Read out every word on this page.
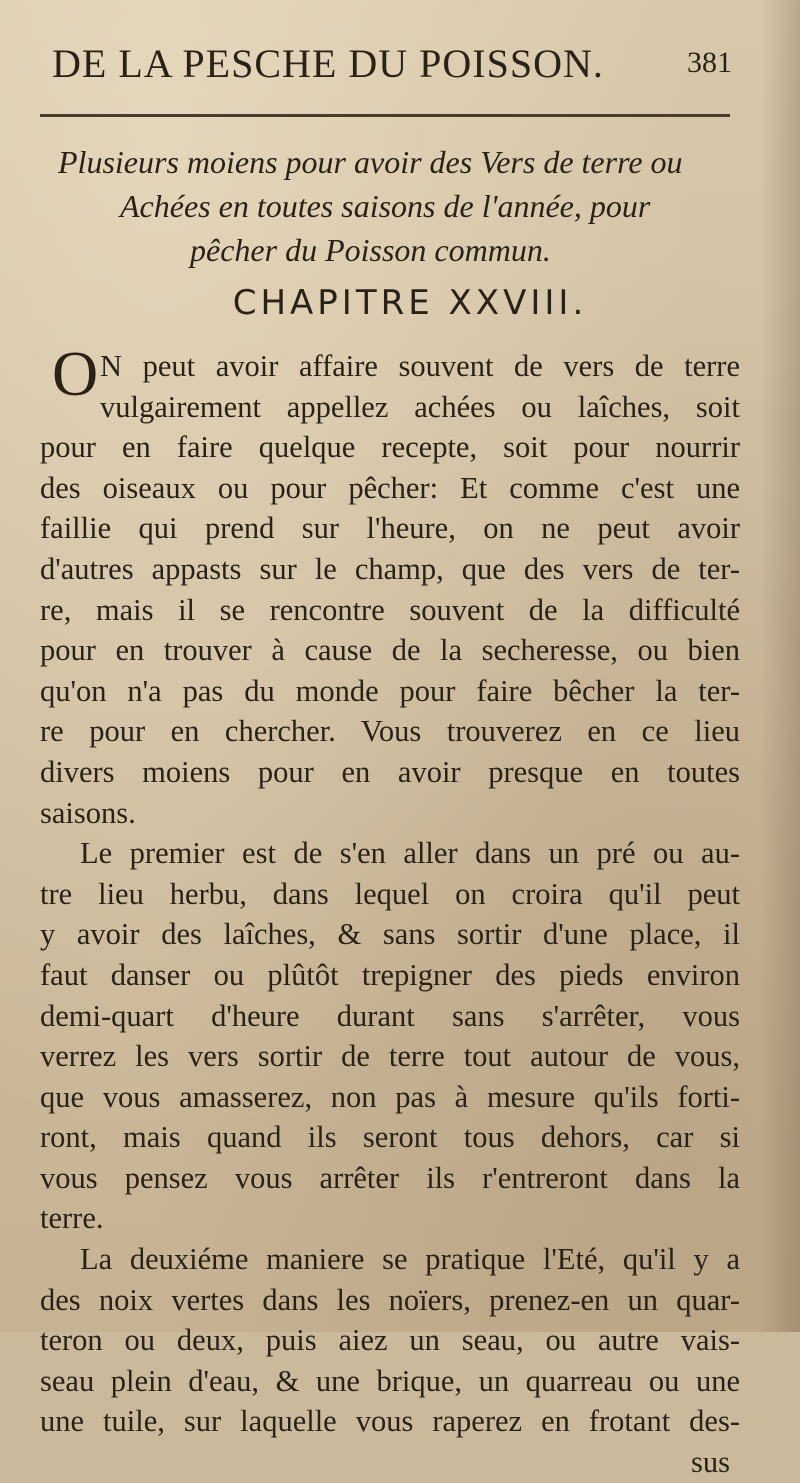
DE LA PESCHE DU POISSON.	381
Plusieurs moiens pour avoir des Vers de terre ou
Achées en toutes saisons de l'année, pour
pêcher du Poisson commun.
CHAPITRE XXVIII.
O N peut avoir affaire souvent de vers de terre
vulgairement appellez achées ou laîches, soit
pour en faire quelque recepte, soit pour nourrir
des oiseaux ou pour pêcher: Et comme c'est une
faillie qui prend sur l'heure, on ne peut avoir
d'autres appasts sur le champ, que des vers de ter-
re, mais il se rencontre souvent de la difficulté
pour en trouver à cause de la secheresse, ou bien
qu'on n'a pas du monde pour faire bêcher la ter-
re pour en chercher. Vous trouverez en ce lieu
divers moiens pour en avoir presque en toutes
saisons.
Le premier est de s'en aller dans un pré ou au-
tre lieu herbu, dans lequel on croira qu'il peut
y avoir des laîches, & sans sortir d'une place, il
faut danser ou plûtôt trepigner des pieds environ
demi-quart d'heure durant sans s'arrêter, vous
verrez les vers sortir de terre tout autour de vous,
que vous amasserez, non pas à mesure qu'ils forti-
ront, mais quand ils seront tous dehors, car si
vous pensez vous arrêter ils r'entreront dans la
terre.
La deuxiéme maniere se pratique l'Eté, qu'il y a
des noix vertes dans les noïers, prenez-en un quar-
teron ou deux, puis aiez un seau, ou autre vais-
seau plein d'eau, & une brique, un quarreau ou une
une tuile, sur laquelle vous raperez en frotant des-
sus
